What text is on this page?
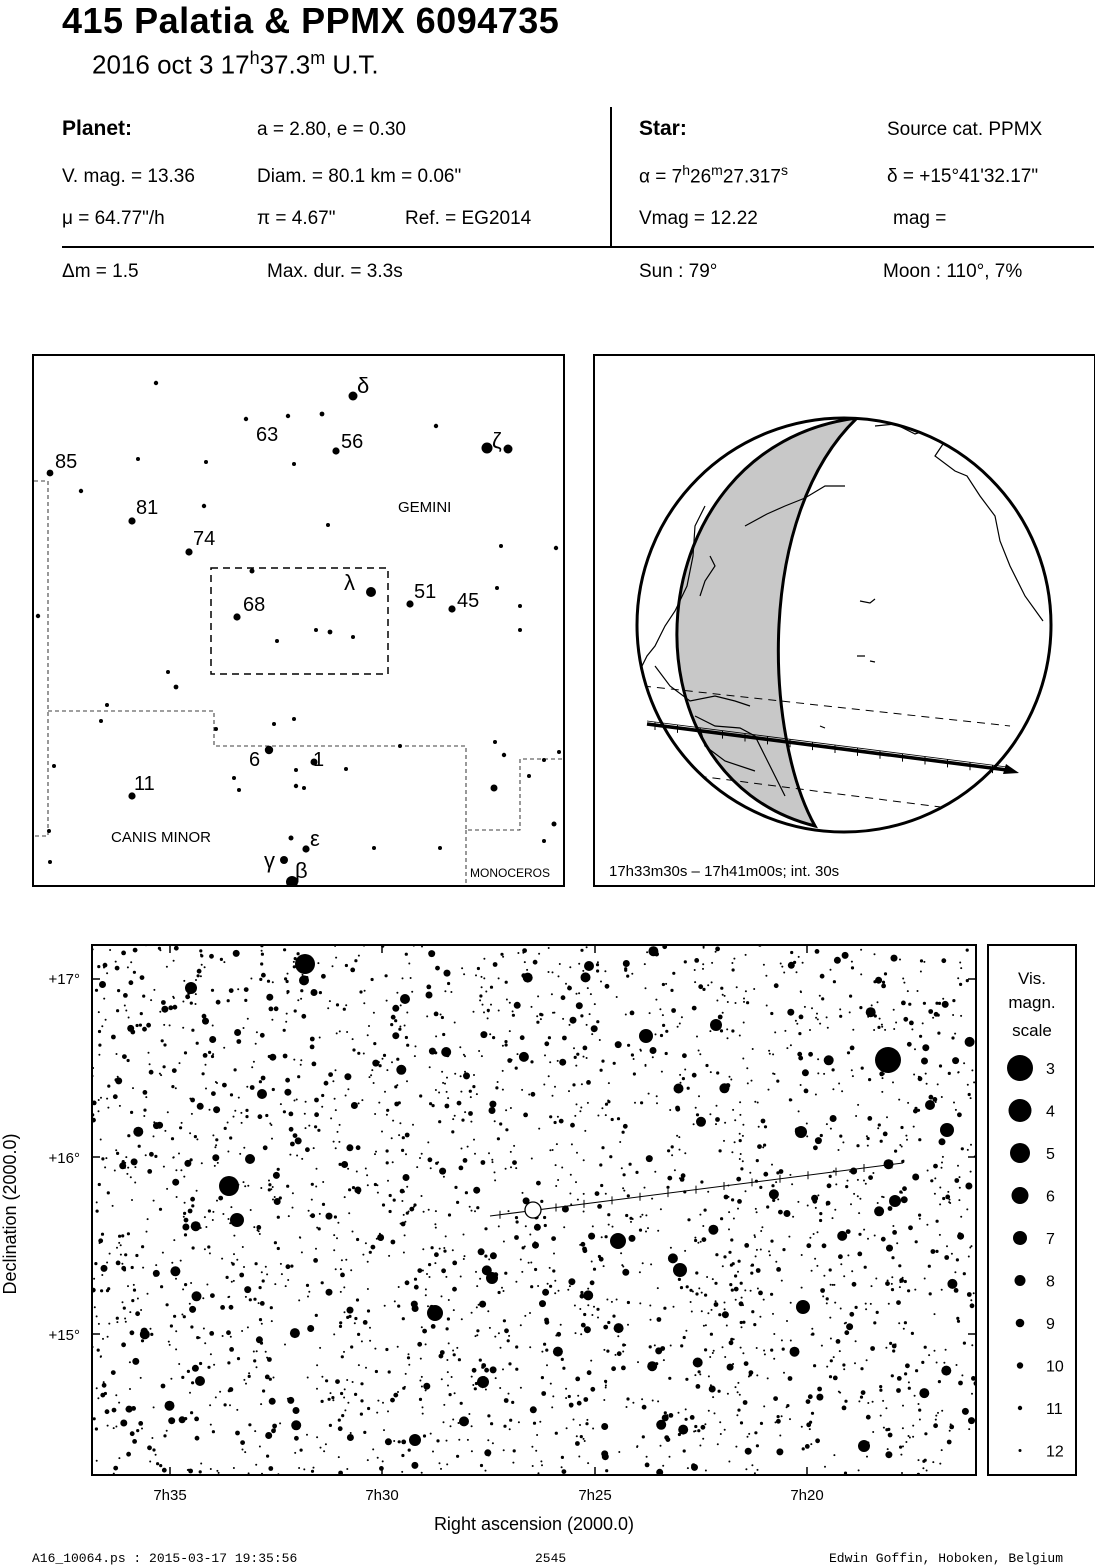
415 Palatia & PPMX 6094735
2016 oct 3 17$^h$37.3$^m$ U.T.
Planet:	a = 2.80, e = 0.30
V. mag. = 13.36	Diam. = 80.1 km = 0.06"
μ = 64.77"/h	π = 4.67"	Ref. = EG2014
Star:	Source cat. PPMX
$\alpha = 7^h26^m27.317^s$	δ = +15°41'32.17"
Vmag = 12.22	mag =
Δm = 1.5	Max. dur. = 3.3s	Sun : 79°	Moon : 110°, 7%
85
63	56
81
74
68
51 45
6	1
11
δ
ζ
λ
ε
γ β
GEMINI
CANIS MINOR
MONOCEROS	17h33m30s – 17h41m00s; int. 30s
+17°
+16°
+15°
7h35	7h30	7h25	7h20
Right ascension (2000.0)
Declination (2000.0)
Vis.
magn.
scale
3
4
5
6
7
8
9
10
11
12
A16_10064.ps : 2015-03-17 19:35:56	2545	Edwin Goffin, Hoboken, Belgium
